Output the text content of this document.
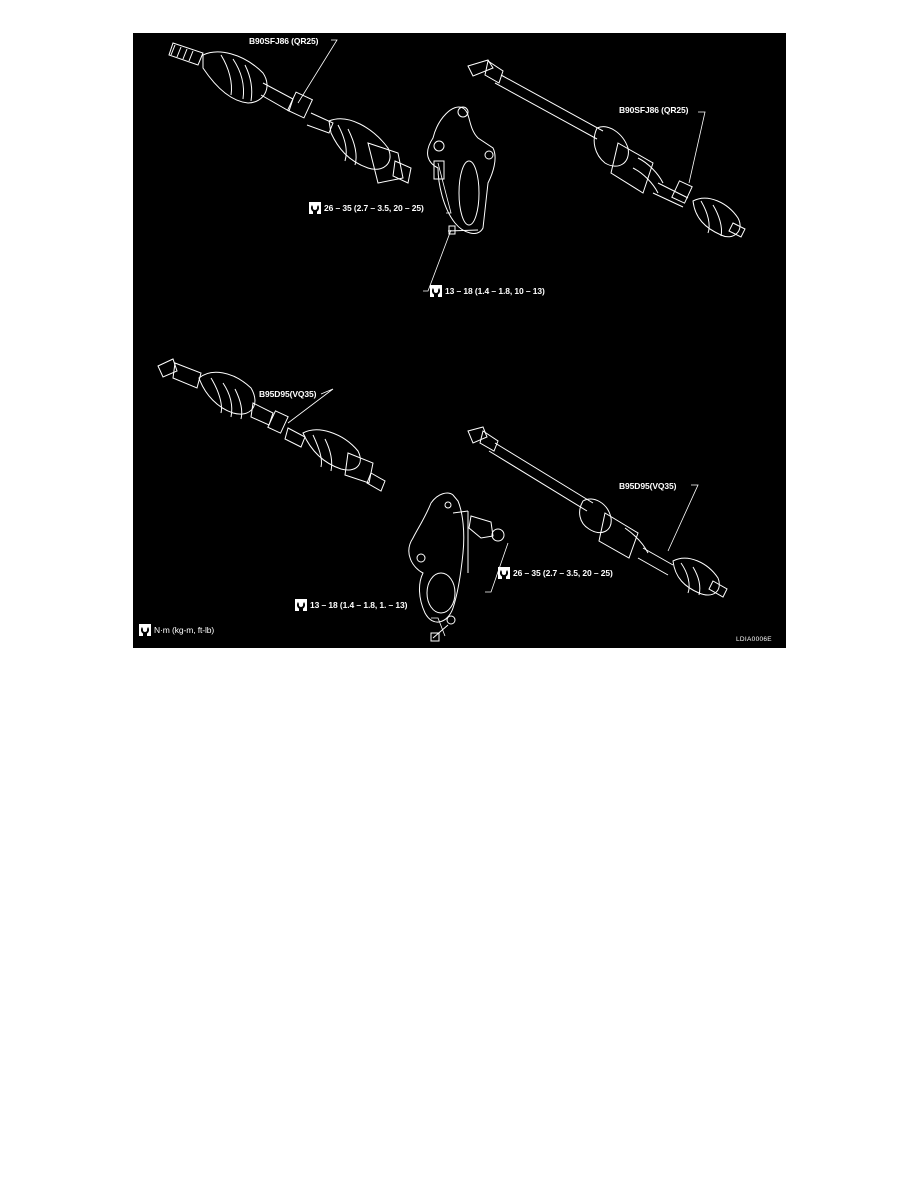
B90SFJ86 (QR25)
B90SFJ86 (QR25)
B95D95(VQ35)
B95D95(VQ35)
26 – 35 (2.7 – 3.5, 20 – 25)
13 – 18 (1.4 – 1.8, 10 – 13)
26 – 35 (2.7 – 3.5, 20 – 25)
13 – 18 (1.4 – 1.8, 1. – 13)
N·m (kg-m, ft-lb)
LDIA0006E
